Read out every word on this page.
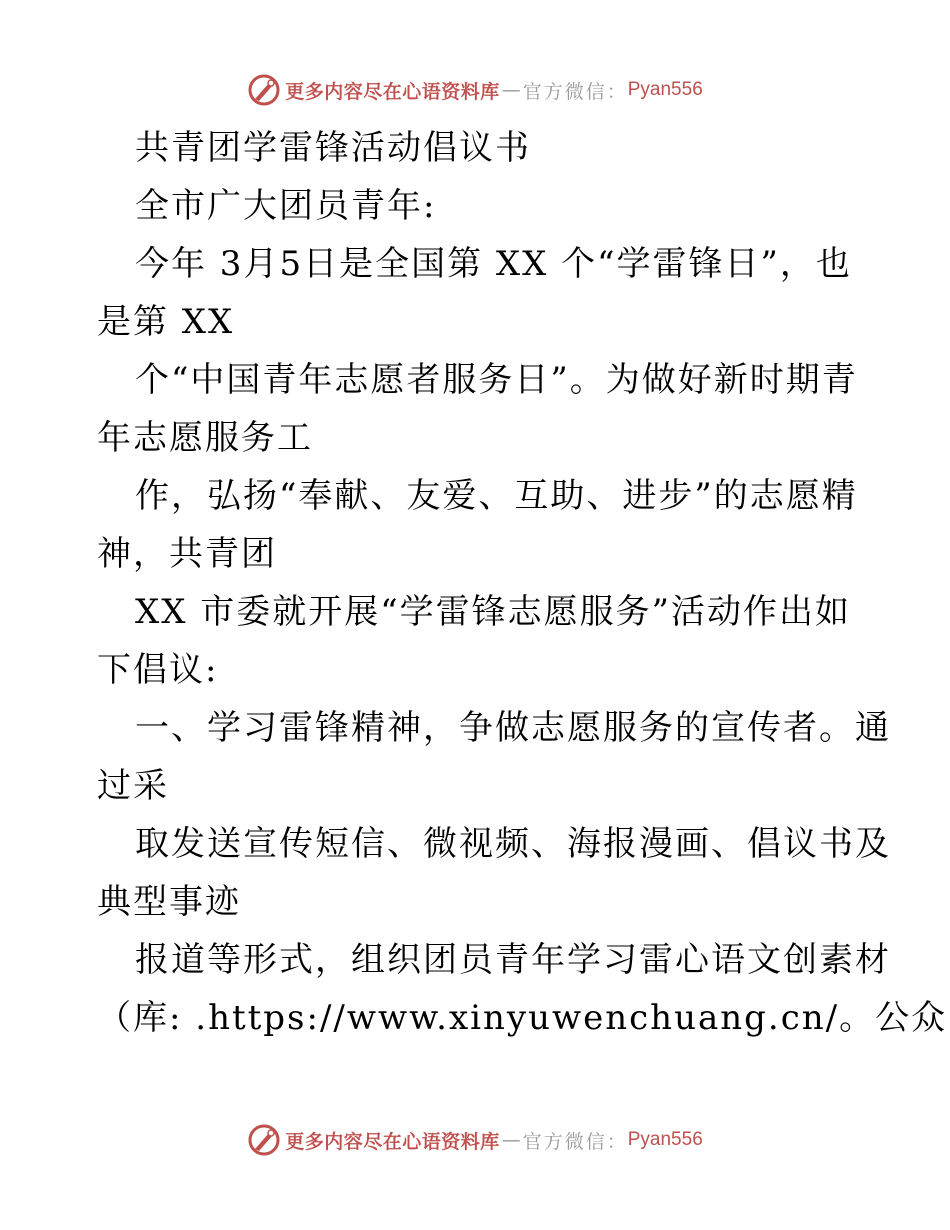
更多内容尽在心语资料库 — 官方微信： Pyan556
共青团学雷锋活动倡议书
全市广大团员青年:
今年 3月5日是全国第 XX 个“学雷锋日”，也
是第 XX
个“中国青年志愿者服务日”。为做好新时期青
年志愿服务工
作，弘扬“奉献、友爱、互助、进步”的志愿精
神，共青团
XX 市委就开展“学雷锋志愿服务”活动作出如
下倡议:
一、学习雷锋精神，争做志愿服务的宣传者。通
过采
取发送宣传短信、微视频、海报漫画、倡议书及
典型事迹
报道等形式，组织团员青年学习雷心语文创素材
（库: .https://www.xinyuwenchuang.cn/。公众
更多内容尽在心语资料库 — 官方微信： Pyan556
